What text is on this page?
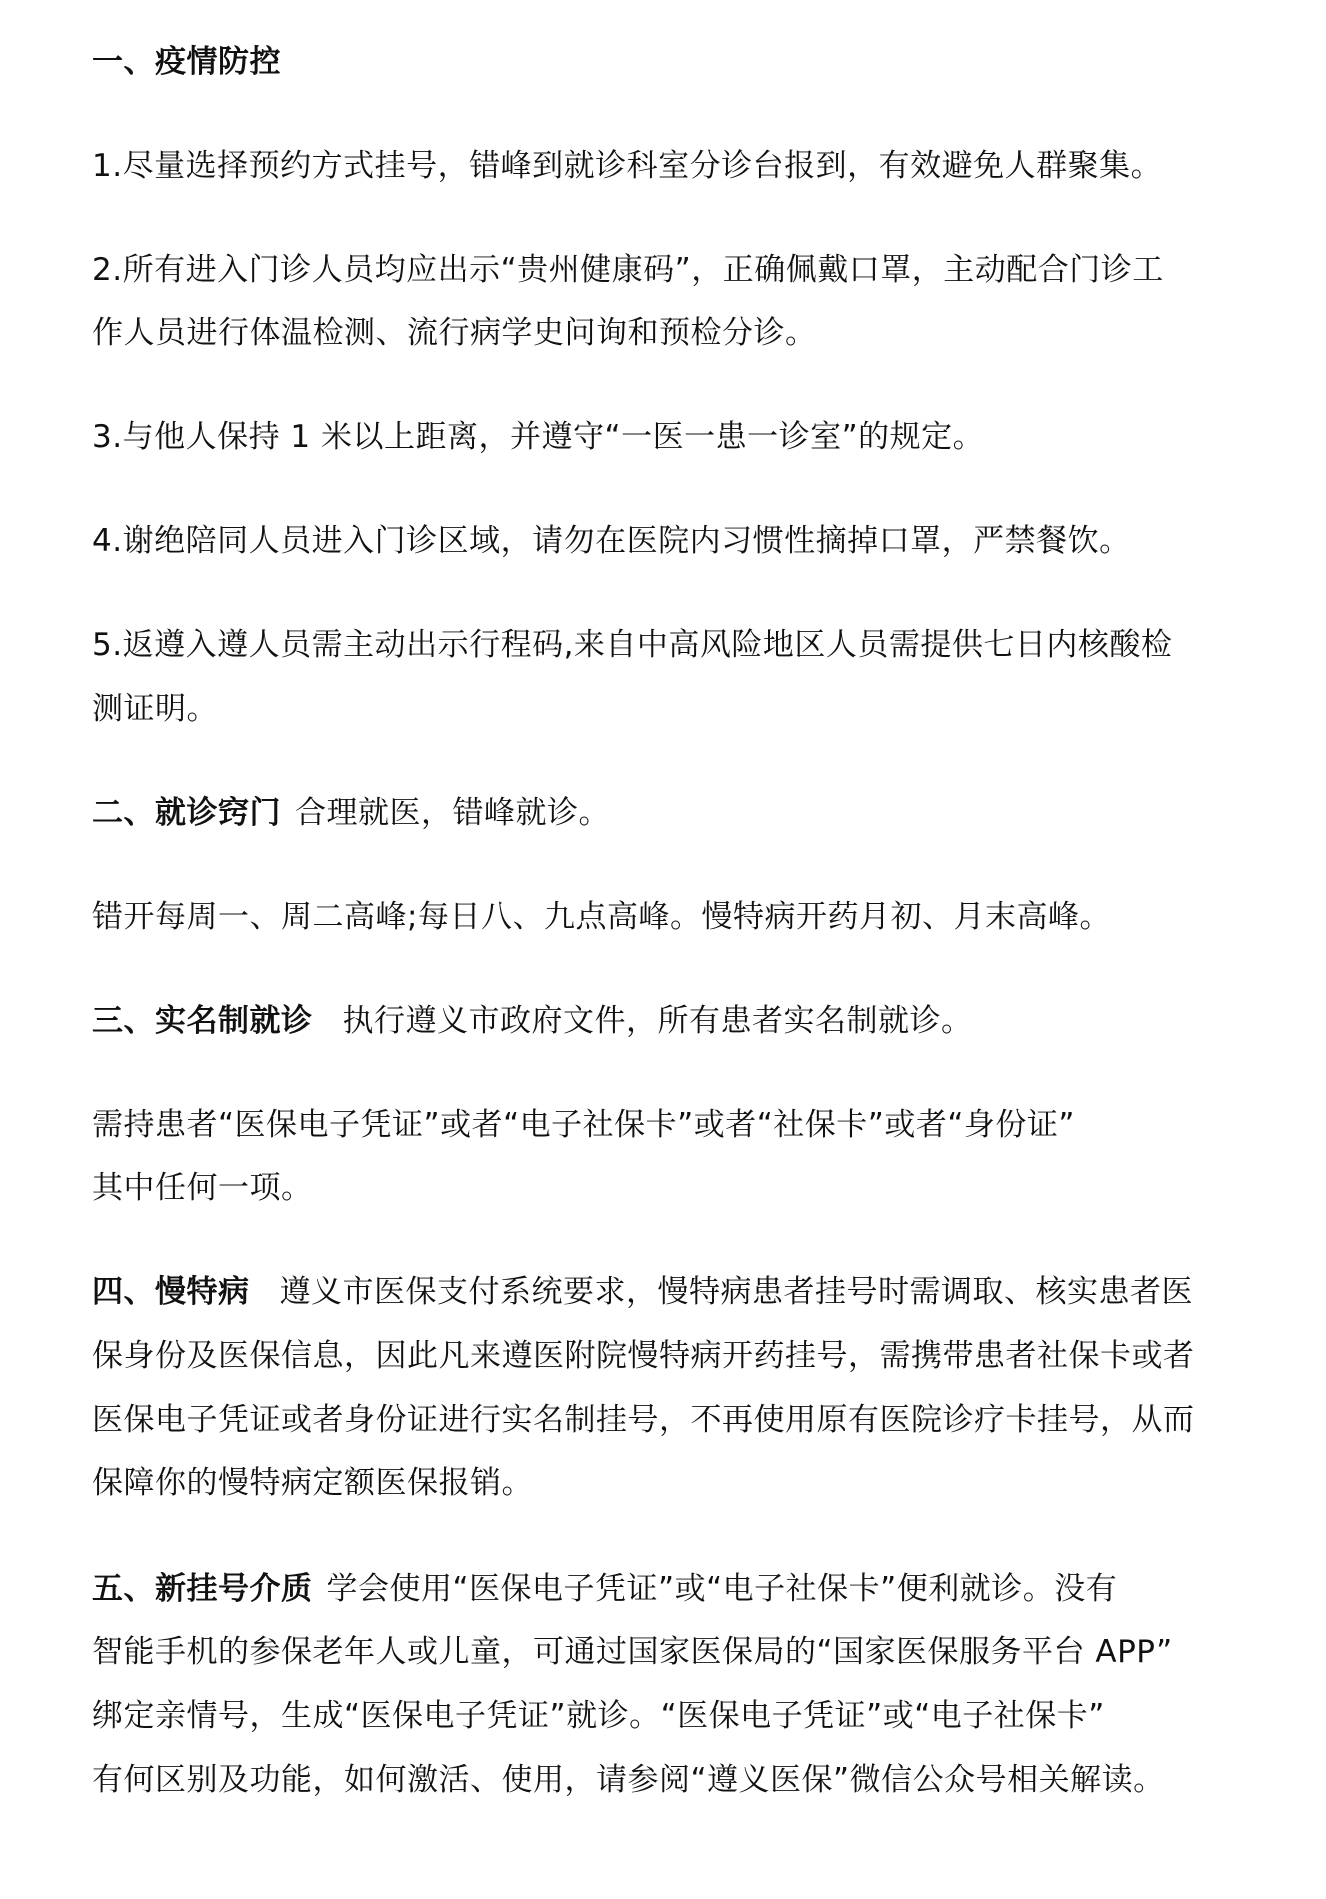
一、疫情防控
1.尽量选择预约方式挂号，错峰到就诊科室分诊台报到，有效避免人群聚集。
2.所有进入门诊人员均应出示“贵州健康码”，正确佩戴口罩，主动配合门诊工
作人员进行体温检测、流行病学史问询和预检分诊。
3.与他人保持 1 米以上距离，并遵守“一医一患一诊室”的规定。
4.谢绝陪同人员进入门诊区域，请勿在医院内习惯性摘掉口罩，严禁餐饮。
5.返遵入遵人员需主动出示行程码,来自中高风险地区人员需提供七日内核酸检
测证明。
二、就诊窍门 合理就医，错峰就诊。
错开每周一、周二高峰;每日八、九点高峰。慢特病开药月初、月末高峰。
三、实名制就诊 执行遵义市政府文件，所有患者实名制就诊。
需持患者“医保电子凭证”或者“电子社保卡”或者“社保卡”或者“身份证”
其中任何一项。
四、慢特病 遵义市医保支付系统要求，慢特病患者挂号时需调取、核实患者医
保身份及医保信息，因此凡来遵医附院慢特病开药挂号，需携带患者社保卡或者
医保电子凭证或者身份证进行实名制挂号，不再使用原有医院诊疗卡挂号，从而
保障你的慢特病定额医保报销。
五、新挂号介质 学会使用“医保电子凭证”或“电子社保卡”便利就诊。没有
智能手机的参保老年人或儿童，可通过国家医保局的“国家医保服务平台 APP”
绑定亲情号，生成“医保电子凭证”就诊。“医保电子凭证”或“电子社保卡”
有何区别及功能，如何激活、使用，请参阅“遵义医保”微信公众号相关解读。
